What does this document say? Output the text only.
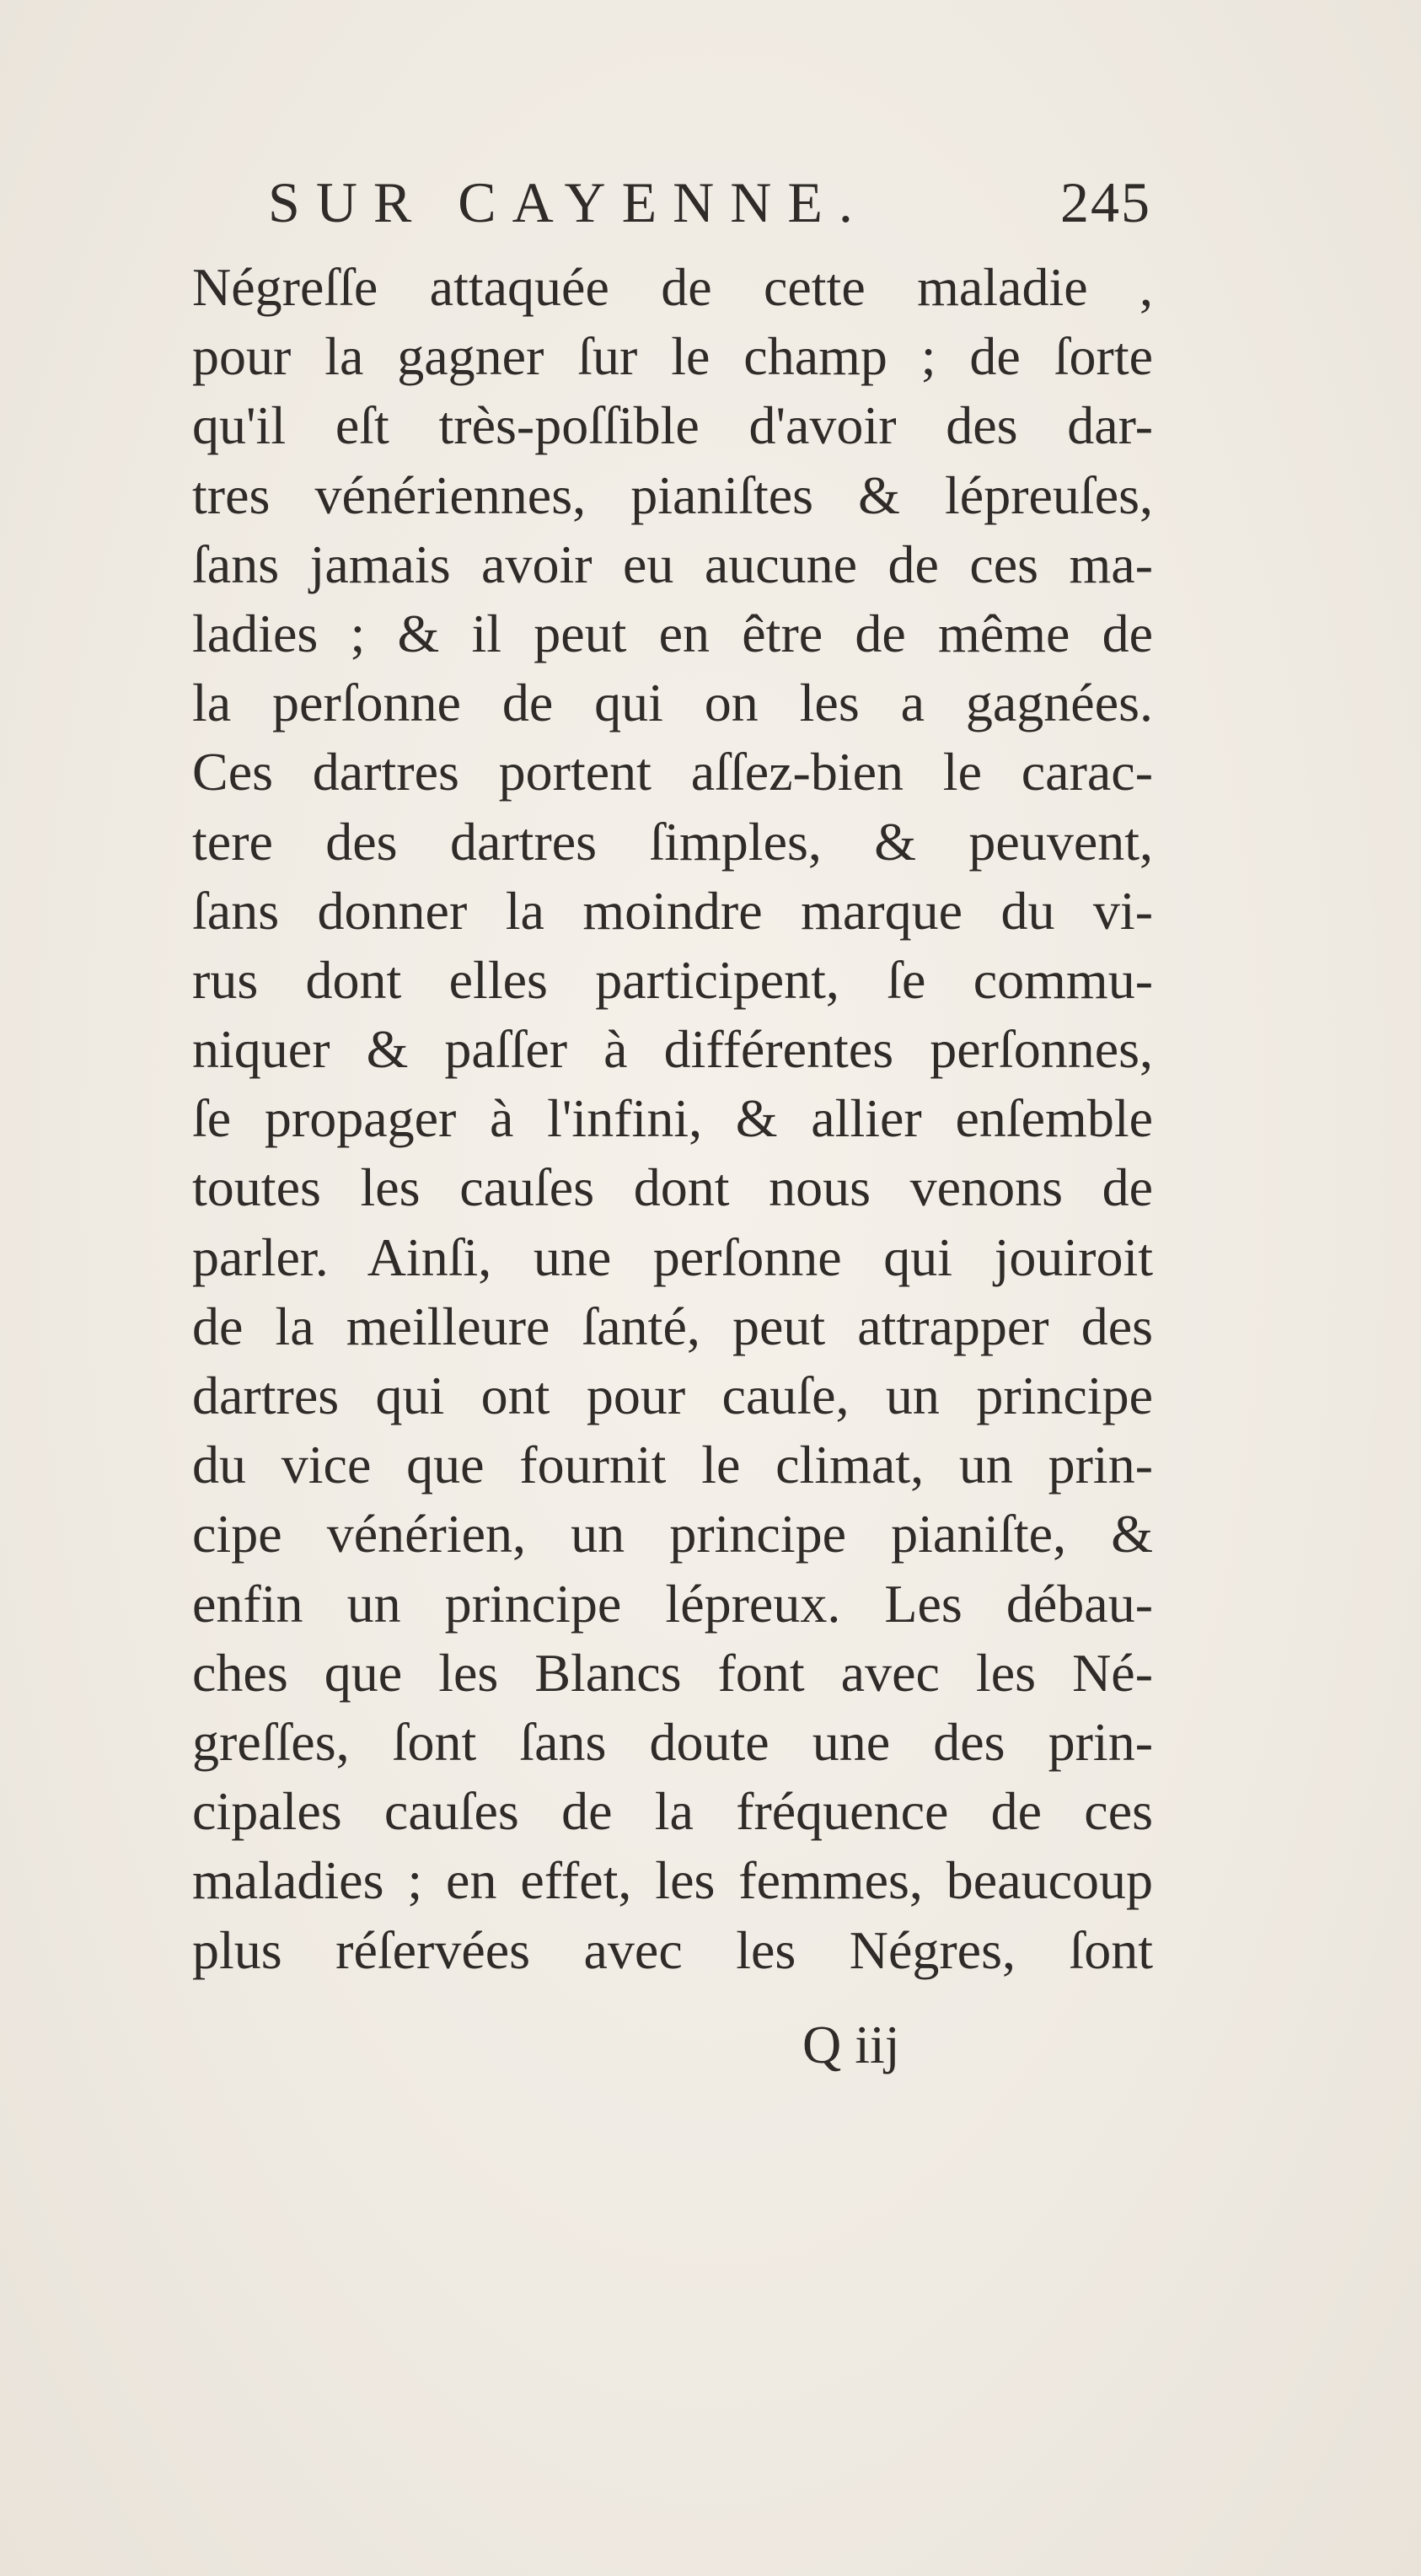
SUR CAYENNE.	245
Négreſſe attaquée de cette maladie ,
pour la gagner ſur le champ ; de ſorte
qu'il eſt très-poſſible d'avoir des dar-
tres vénériennes, pianiſtes & lépreuſes,
ſans jamais avoir eu aucune de ces ma-
ladies ; & il peut en être de même de
la perſonne de qui on les a gagnées.
Ces dartres portent aſſez-bien le carac-
tere des dartres ſimples, & peuvent,
ſans donner la moindre marque du vi-
rus dont elles participent, ſe commu-
niquer & paſſer à différentes perſonnes,
ſe propager à l'infini, & allier enſemble
toutes les cauſes dont nous venons de
parler. Ainſi, une perſonne qui jouiroit
de la meilleure ſanté, peut attrapper des
dartres qui ont pour cauſe, un principe
du vice que fournit le climat, un prin-
cipe vénérien, un principe pianiſte, &
enfin un principe lépreux. Les débau-
ches que les Blancs font avec les Né-
greſſes, ſont ſans doute une des prin-
cipales cauſes de la fréquence de ces
maladies ; en effet, les femmes, beaucoup
plus réſervées avec les Négres, ſont
Q iij
